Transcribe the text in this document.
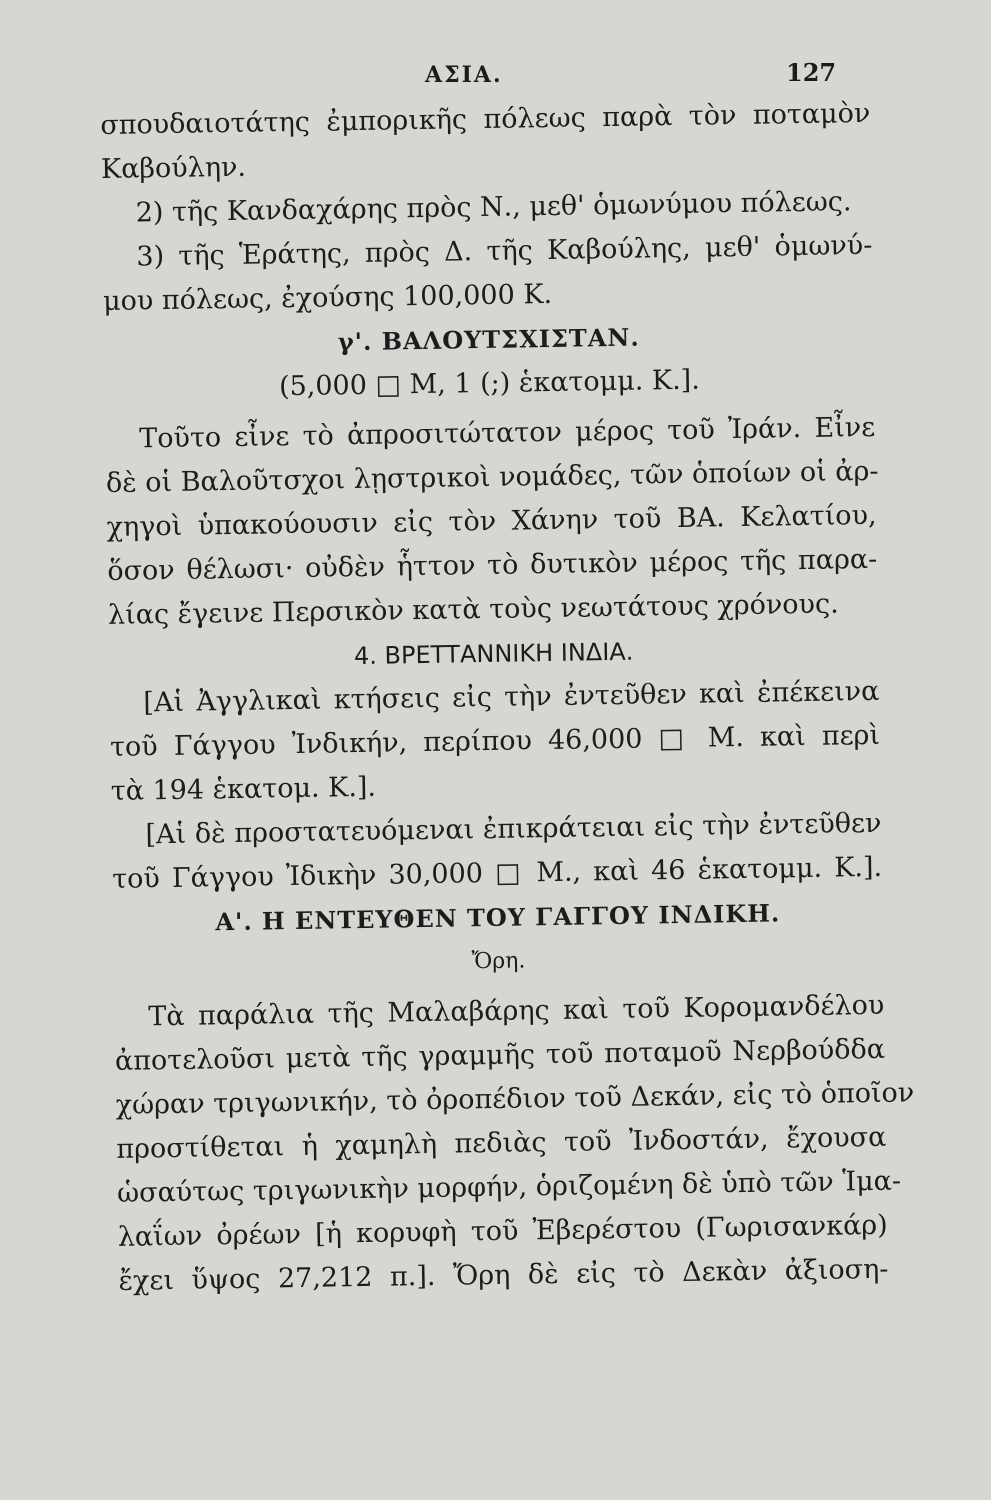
ΑΣΙΑ.	127
σπουδαιοτάτης ἐμπορικῆς πόλεως παρὰ τὸν ποταμὸν
Καβούλην.
2) τῆς Κανδαχάρης πρὸς Ν., μεθ' ὁμωνύμου πόλεως.
3) τῆς Ἑράτης, πρὸς Δ. τῆς Καβούλης, μεθ' ὁμωνύ-
μου πόλεως, ἐχούσης 100,000 Κ.
γ'. ΒΑΛΟΥΤΣΧΙΣΤΑΝ.
(5,000 □ Μ, 1 (;) ἑκατομμ. Κ.].
Τοῦτο εἶνε τὸ ἀπροσιτώτατον μέρος τοῦ Ἰράν. Εἶνε
δὲ οἱ Βαλοῦτσχοι λῃστρικοὶ νομάδες, τῶν ὁποίων οἱ ἀρ-
χηγοὶ ὑπακούουσιν εἰς τὸν Χάνην τοῦ ΒΑ. Κελατίου,
ὅσον θέλωσι· οὐδὲν ἧττον τὸ δυτικὸν μέρος τῆς παρα-
λίας ἔγεινε Περσικὸν κατὰ τοὺς νεωτάτους χρόνους.
4. ΒΡΕΤΤΑΝΝΙΚΗ ΙΝΔΙΑ.
[Αἱ Ἀγγλικαὶ κτήσεις εἰς τὴν ἐντεῦθεν καὶ ἐπέκεινα
τοῦ Γάγγου Ἰνδικήν, περίπου 46,000 □ Μ. καὶ περὶ
τὰ 194 ἑκατομ. Κ.].
[Αἱ δὲ προστατευόμεναι ἐπικράτειαι εἰς τὴν ἐντεῦθεν
τοῦ Γάγγου Ἰδικὴν 30,000 □ Μ., καὶ 46 ἑκατομμ. Κ.].
Α'. Η ΕΝΤΕΥΘΕΝ ΤΟΥ ΓΑΓΓΟΥ ΙΝΔΙΚΗ.
Ὄρη.
Τὰ παράλια τῆς Μαλαβάρης καὶ τοῦ Κορομανδέλου
ἀποτελοῦσι μετὰ τῆς γραμμῆς τοῦ ποταμοῦ Νερβούδδα
χώραν τριγωνικήν, τὸ ὀροπέδιον τοῦ Δεκάν, εἰς τὸ ὁποῖον
προστίθεται ἡ χαμηλὴ πεδιὰς τοῦ Ἰνδοστάν, ἔχουσα
ὡσαύτως τριγωνικὴν μορφήν, ὁριζομένη δὲ ὑπὸ τῶν Ἱμα-
λαΐων ὀρέων [ἡ κορυφὴ τοῦ Ἐβερέστου (Γωρισανκάρ)
ἔχει ὕψος 27,212 π.]. Ὄρη δὲ εἰς τὸ Δεκὰν ἀξιοση-
